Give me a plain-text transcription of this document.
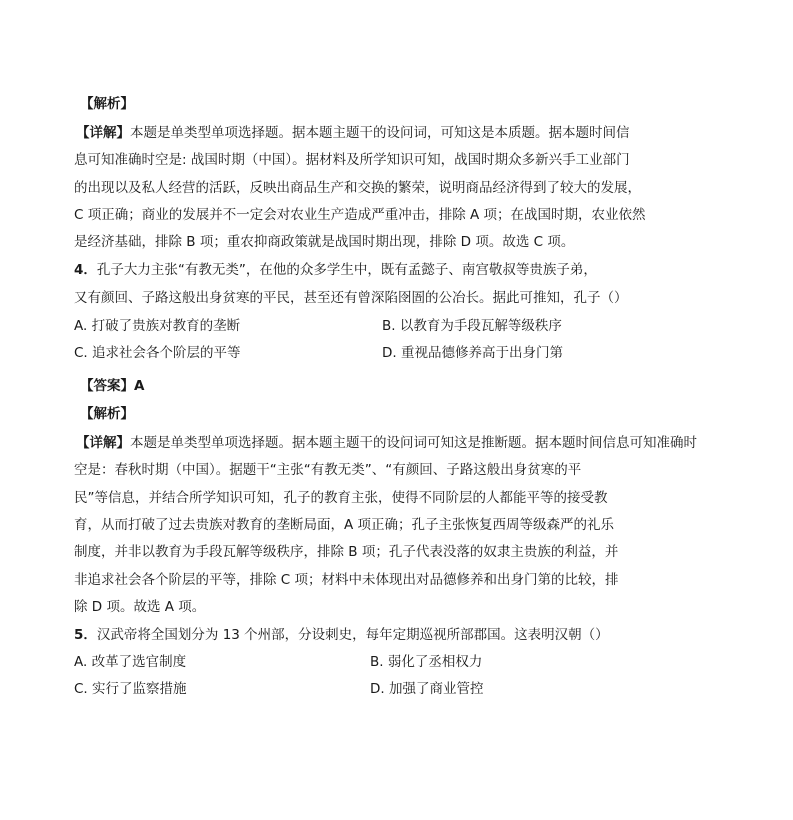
【解析】
【详解】本题是单类型单项选择题。据本题主题干的设问词，可知这是本质题。据本题时间信
息可知准确时空是: 战国时期（中国）。据材料及所学知识可知，战国时期众多新兴手工业部门
的出现以及私人经营的活跃，反映出商品生产和交换的繁荣，说明商品经济得到了较大的发展，
C 项正确；商业的发展并不一定会对农业生产造成严重冲击，排除 A 项；在战国时期，农业依然
是经济基础，排除 B 项；重农抑商政策就是战国时期出现，排除 D 项。故选 C 项。
4．孔子大力主张“有教无类”，在他的众多学生中，既有孟懿子、南宫敬叔等贵族子弟，
又有颜回、子路这般出身贫寒的平民，甚至还有曾深陷囹圄的公冶长。据此可推知，孔子（）
A. 打破了贵族对教育的垄断	B. 以教育为手段瓦解等级秩序
C. 追求社会各个阶层的平等	D. 重视品德修养高于出身门第
【答案】A
【解析】
【详解】本题是单类型单项选择题。据本题主题干的设问词可知这是推断题。据本题时间信息可知准确时
空是：春秋时期（中国）。据题干“主张“有教无类”、“有颜回、子路这般出身贫寒的平
民”等信息，并结合所学知识可知，孔子的教育主张，使得不同阶层的人都能平等的接受教
育，从而打破了过去贵族对教育的垄断局面，A 项正确；孔子主张恢复西周等级森严的礼乐
制度，并非以教育为手段瓦解等级秩序，排除 B 项；孔子代表没落的奴隶主贵族的利益，并
非追求社会各个阶层的平等，排除 C 项；材料中未体现出对品德修养和出身门第的比较，排
除 D 项。故选 A 项。
5．汉武帝将全国划分为 13 个州部，分设刺史，每年定期巡视所部郡国。这表明汉朝（）
A. 改革了选官制度	B. 弱化了丞相权力
C. 实行了监察措施	D. 加强了商业管控
